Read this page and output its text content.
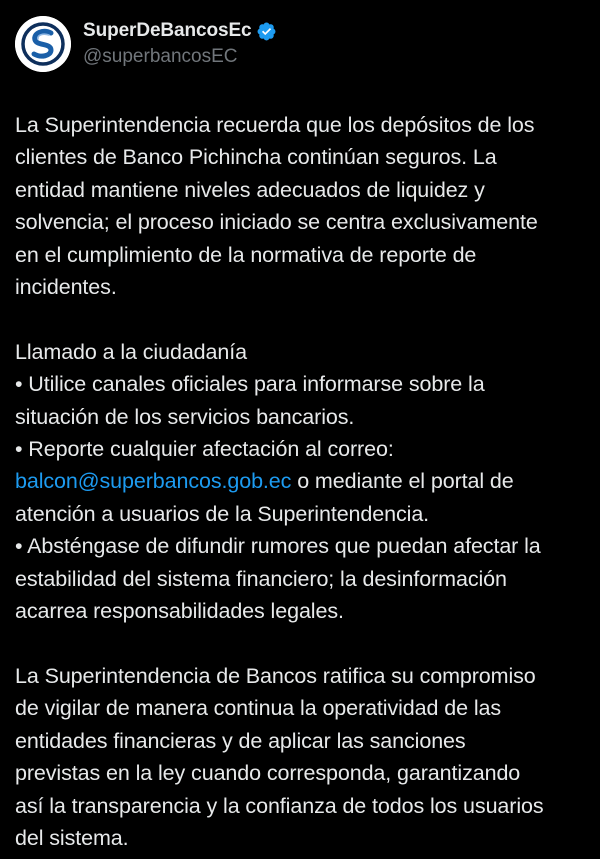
SuperDeBancosEc
@superbancosEC

La Superintendencia recuerda que los depósitos de los
clientes de Banco Pichincha continúan seguros. La
entidad mantiene niveles adecuados de liquidez y
solvencia; el proceso iniciado se centra exclusivamente
en el cumplimiento de la normativa de reporte de
incidentes.

Llamado a la ciudadanía
• Utilice canales oficiales para informarse sobre la
situación de los servicios bancarios.
• Reporte cualquier afectación al correo:
balcon@superbancos.gob.ec o mediante el portal de
atención a usuarios de la Superintendencia.
• Absténgase de difundir rumores que puedan afectar la
estabilidad del sistema financiero; la desinformación
acarrea responsabilidades legales.

La Superintendencia de Bancos ratifica su compromiso
de vigilar de manera continua la operatividad de las
entidades financieras y de aplicar las sanciones
previstas en la ley cuando corresponda, garantizando
así la transparencia y la confianza de todos los usuarios
del sistema.
